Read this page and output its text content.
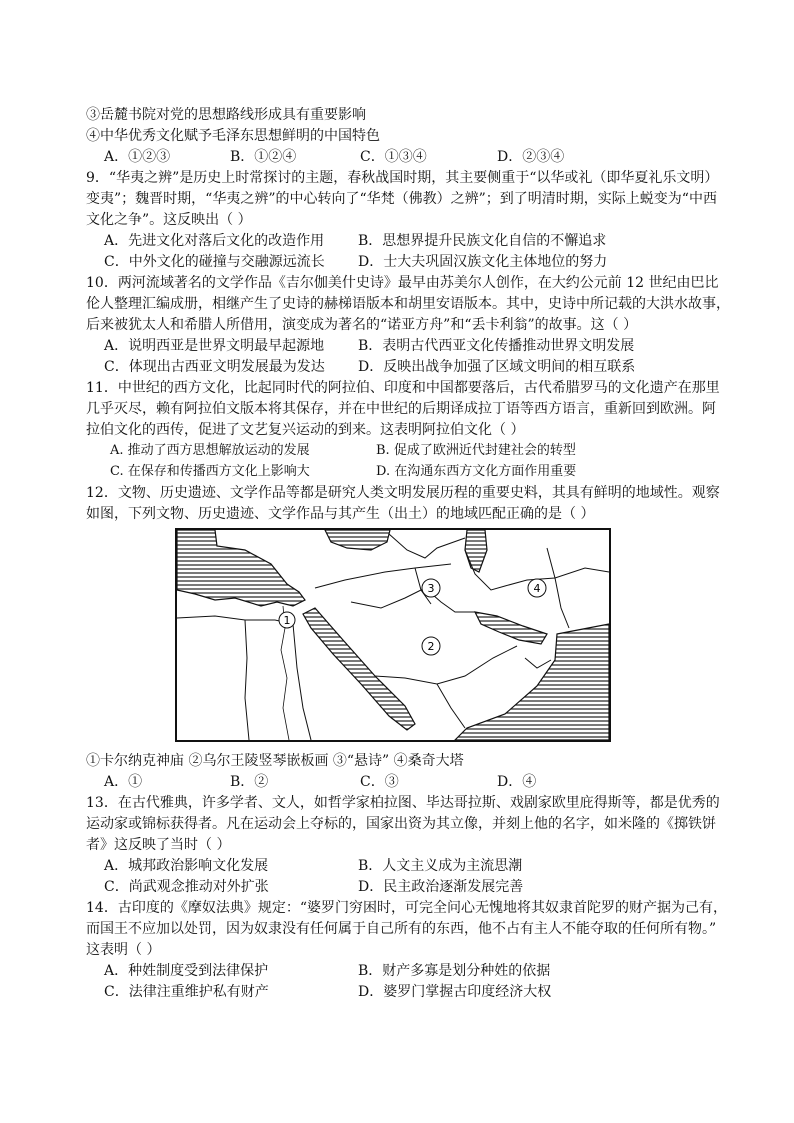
③岳麓书院对党的思想路线形成具有重要影响
④中华优秀文化赋予毛泽东思想鲜明的中国特色
A．①②③	B．①②④	C．①③④	D．②③④
9．“华夷之辨”是历史上时常探讨的主题，春秋战国时期，其主要侧重于“以华或礼（即华夏礼乐文明）
变夷”；魏晋时期，“华夷之辨”的中心转向了“华梵（佛教）之辨”；到了明清时期，实际上蜕变为“中西
文化之争”。这反映出（ ）
A．先进文化对落后文化的改造作用 B．思想界提升民族文化自信的不懈追求
C．中外文化的碰撞与交融源远流长 D．士大夫巩固汉族文化主体地位的努力
10．两河流域著名的文学作品《吉尔伽美什史诗》最早由苏美尔人创作，在大约公元前 12 世纪由巴比
伦人整理汇编成册，相继产生了史诗的赫梯语版本和胡里安语版本。其中，史诗中所记载的大洪水故事，
后来被犹太人和希腊人所借用，演变成为著名的“诺亚方舟”和“丢卡利翁”的故事。这（ ）
A．说明西亚是世界文明最早起源地 B．表明古代西亚文化传播推动世界文明发展
C．体现出古西亚文明发展最为发达 D．反映出战争加强了区域文明间的相互联系
11．中世纪的西方文化，比起同时代的阿拉伯、印度和中国都要落后，古代希腊罗马的文化遗产在那里
几乎灭尽，赖有阿拉伯文版本将其保存，并在中世纪的后期译成拉丁语等西方语言，重新回到欧洲。阿
拉伯文化的西传，促进了文艺复兴运动的到来。这表明阿拉伯文化（ ）
A. 推动了西方思想解放运动的发展	B. 促成了欧洲近代封建社会的转型
C. 在保存和传播西方文化上影响大	D. 在沟通东西方文化方面作用重要
12．文物、历史遗迹、文学作品等都是研究人类文明发展历程的重要史料，其具有鲜明的地域性。观察
如图，下列文物、历史遗迹、文学作品与其产生（出土）的地域匹配正确的是（ ）
1
2
3	4
①卡尔纳克神庙 ②乌尔王陵竖琴嵌板画 ③“悬诗” ④桑奇大塔
A．①	B．②	C．③	D．④
13．在古代雅典，许多学者、文人，如哲学家柏拉图、毕达哥拉斯、戏剧家欧里庇得斯等，都是优秀的
运动家或锦标获得者。凡在运动会上夺标的，国家出资为其立像，并刻上他的名字，如米隆的《掷铁饼
者》这反映了当时（ ）
A．城邦政治影响文化发展	B．人文主义成为主流思潮
C．尚武观念推动对外扩张	D．民主政治逐渐发展完善
14．古印度的《摩奴法典》规定：“婆罗门穷困时，可完全问心无愧地将其奴隶首陀罗的财产据为己有，
而国王不应加以处罚，因为奴隶没有任何属于自己所有的东西，他不占有主人不能夺取的任何所有物。”
这表明（ ）
A．种姓制度受到法律保护	B．财产多寡是划分种姓的依据
C．法律注重维护私有财产	D．婆罗门掌握古印度经济大权
